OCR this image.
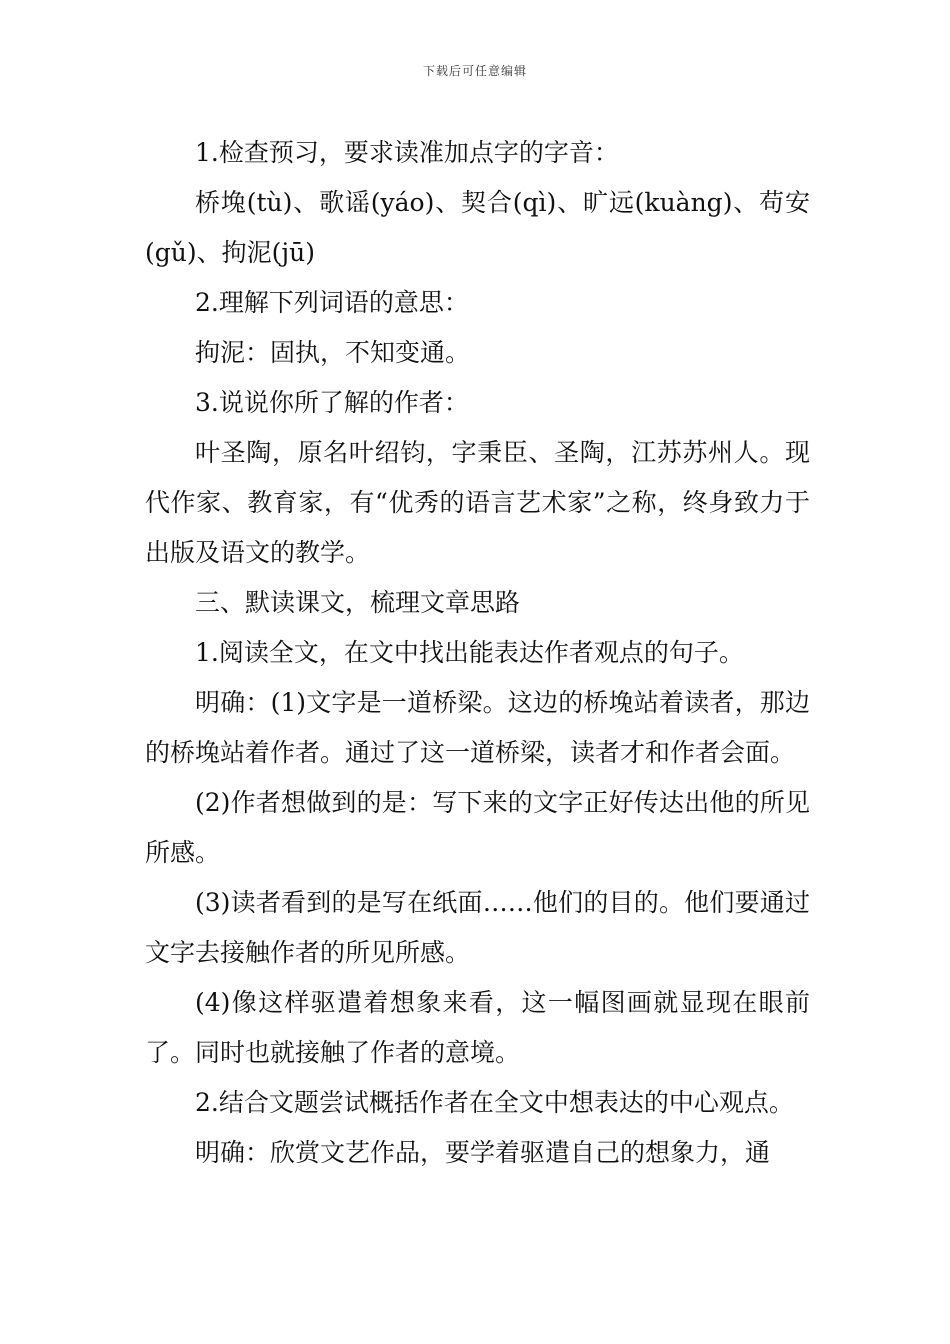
下载后可任意编辑

1.检查预习，要求读准加点字的字音：

桥堍(tù)、歌谣(yáo)、契合(qì)、旷远(kuàng)、苟安(gǔ)、拘泥(jū)

2.理解下列词语的意思：

拘泥：固执，不知变通。

3.说说你所了解的作者：

叶圣陶，原名叶绍钧，字秉臣、圣陶，江苏苏州人。现代作家、教育家，有“优秀的语言艺术家”之称，终身致力于出版及语文的教学。

三、默读课文，梳理文章思路

1.阅读全文，在文中找出能表达作者观点的句子。

明确：(1)文字是一道桥梁。这边的桥堍站着读者，那边的桥堍站着作者。通过了这一道桥梁，读者才和作者会面。

(2)作者想做到的是：写下来的文字正好传达出他的所见所感。

(3)读者看到的是写在纸面……他们的目的。他们要通过文字去接触作者的所见所感。

(4)像这样驱遣着想象来看，这一幅图画就显现在眼前了。同时也就接触了作者的意境。

2.结合文题尝试概括作者在全文中想表达的中心观点。

明确：欣赏文艺作品，要学着驱遣自己的想象力，通
